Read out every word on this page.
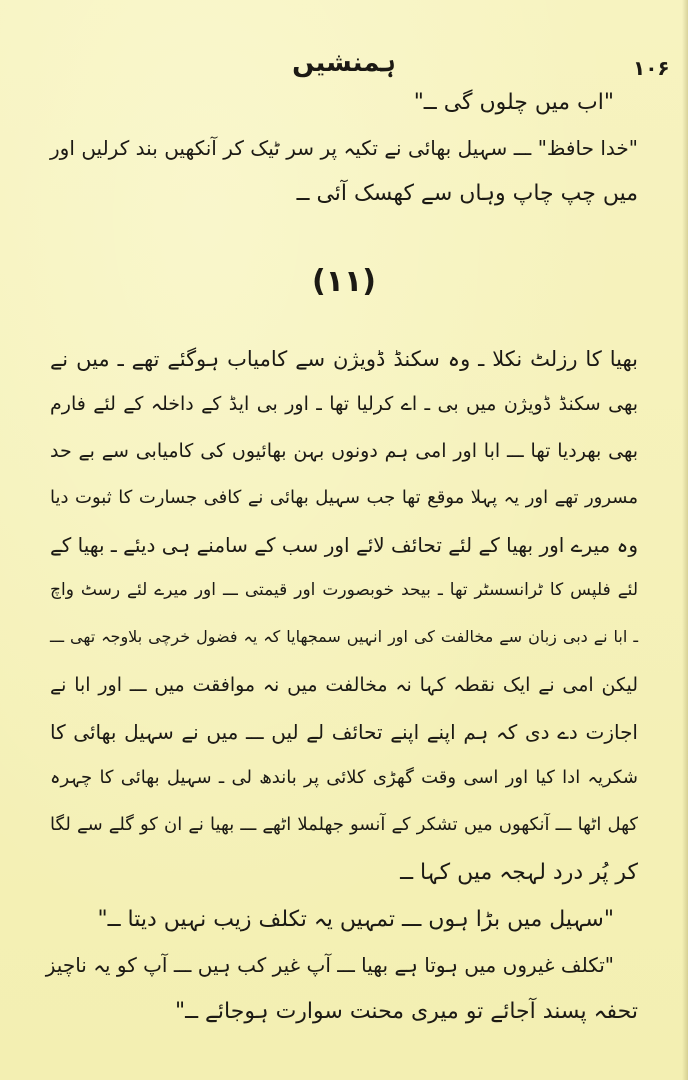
ہمنشیں	۱۰۶
"اب میں چلوں گی ــ"
"خدا حافظ" ـــ سہیل بھائی نے تکیہ پر سر ٹیک کر آنکھیں بند کرلیں اور
میں چپ چاپ وہاں سے کھسک آئی ــ
(۱۱)
بھیا کا رزلٹ نکلا ـ وہ سکنڈ ڈویژن سے کامیاب ہوگئے تھے ـ میں نے
بھی سکنڈ ڈویژن میں بی ـ اے کرلیا تھا ـ اور بی ایڈ کے داخلہ کے لئے فارم
بھی بھردیا تھا ـــ ابا اور امی ہم دونوں بہن بھائیوں کی کامیابی سے بے حد
مسرور تھے اور یہ پہلا موقع تھا جب سہیل بھائی نے کافی جسارت کا ثبوت دیا
وہ میرے اور بھیا کے لئے تحائف لائے اور سب کے سامنے ہی دیئے ـ بھیا کے
لئے فلپس کا ٹرانسسٹر تھا ـ بیحد خوبصورت اور قیمتی ـــ اور میرے لئے رسٹ واچ
ـ ابا نے دبی زبان سے مخالفت کی اور انہیں سمجھایا کہ یہ فضول خرچی بلاوجہ تھی ـــ
لیکن امی نے ایک نقطہ کہا نہ مخالفت میں نہ موافقت میں ـــ اور ابا نے
اجازت دے دی کہ ہم اپنے اپنے تحائف لے لیں ـــ میں نے سہیل بھائی کا
شکریہ ادا کیا اور اسی وقت گھڑی کلائی پر باندھ لی ـ سہیل بھائی کا چہرہ
کھل اٹھا ـــ آنکھوں میں تشکر کے آنسو جھلملا اٹھے ـــ بھیا نے ان کو گلے سے لگا
کر پُر درد لہجہ میں کہا ــ
"سہیل میں بڑا ہوں ـــ تمہیں یہ تکلف زیب نہیں دیتا ــ"
"تکلف غیروں میں ہوتا ہے بھیا ـــ آپ غیر کب ہیں ـــ آپ کو یہ ناچیز
تحفہ پسند آجائے تو میری محنت سوارت ہوجائے ــ"
